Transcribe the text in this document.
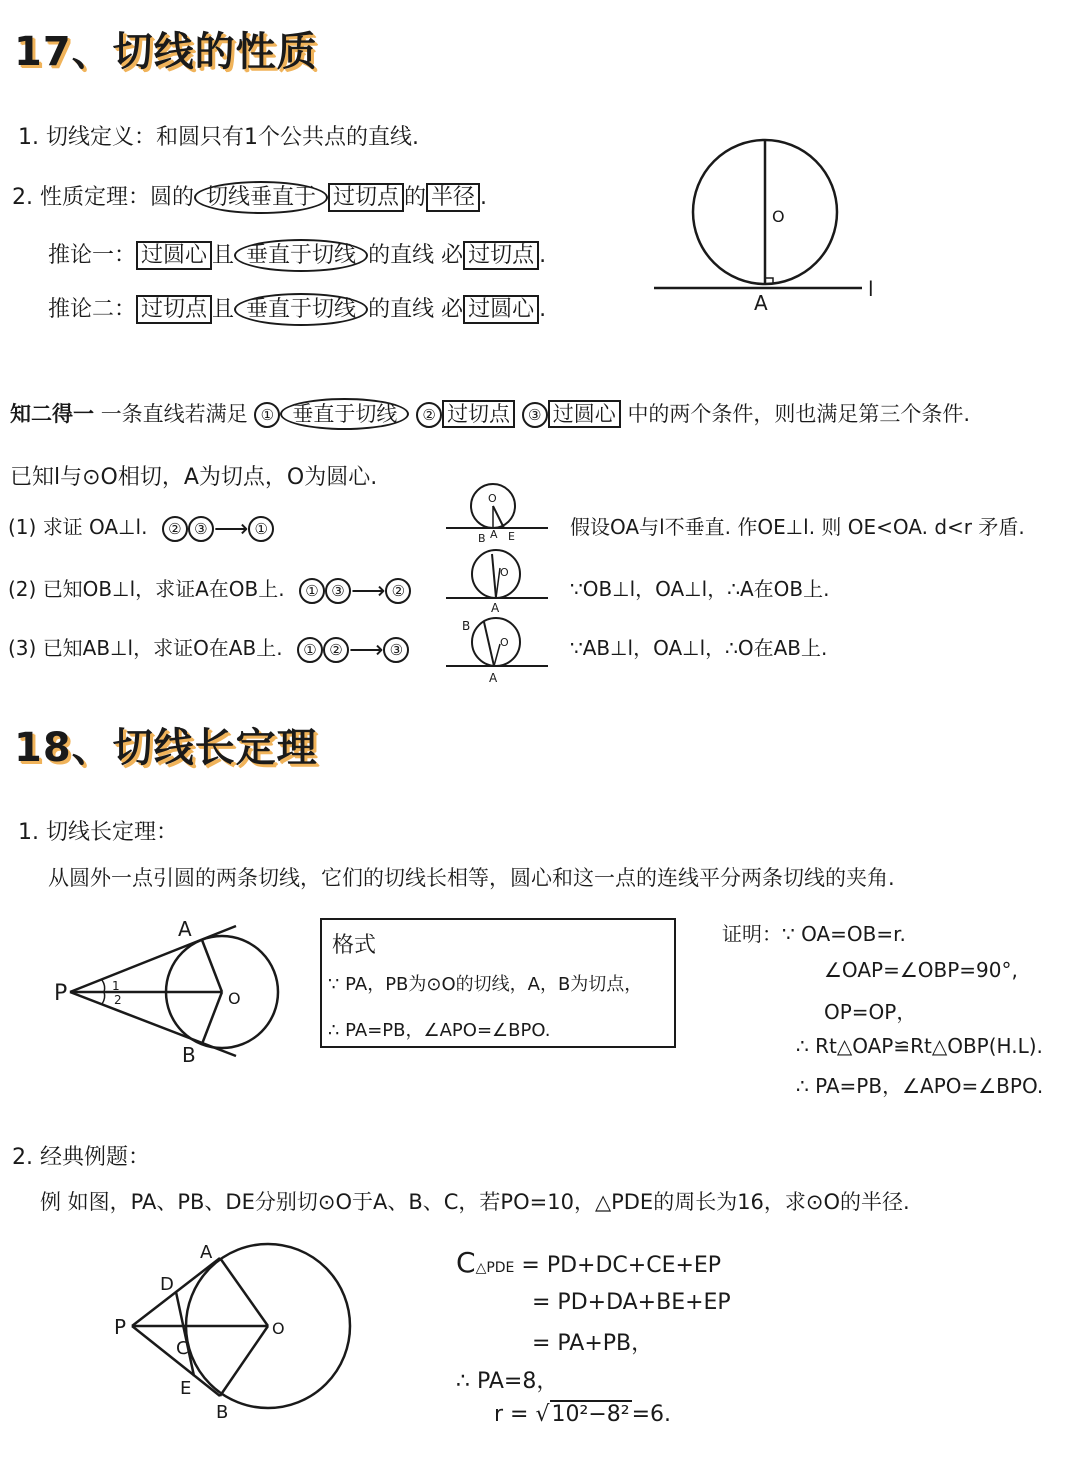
17、切线的性质
1. 切线定义：和圆只有1个公共点的直线.
2. 性质定理：圆的 切线垂直于 过切点 的 半径 .
推论一： 过圆心 且 垂直于切线 的直线 必 过切点 .
推论二： 过切点 且 垂直于切线 的直线 必 过圆心 .
O
A
l
知二得一 一条直线若满足 ① 垂直于切线 ② 过切点 ③ 过圆心 中的两个条件，则也满足第三个条件.
已知l与⊙O相切，A为切点，O为圆心.
(1) 求证 OA⊥l. ② ③ ⟶ ①
(2) 已知OB⊥l，求证A在OB上. ① ③ ⟶ ②
(3) 已知AB⊥l，求证O在AB上. ① ② ⟶ ③
O
B A E
O
A
B
O
A
假设OA与l不垂直. 作OE⊥l. 则 OE<OA. d<r 矛盾.
∵OB⊥l，OA⊥l，∴A在OB上.
∵AB⊥l，OA⊥l，∴O在AB上.
18、切线长定理
1. 切线长定理：
从圆外一点引圆的两条切线，它们的切线长相等，圆心和这一点的连线平分两条切线的夹角.
P
A
B
O
1
2
格式
∵ PA，PB为⊙O的切线，A，B为切点，
∴ PA=PB，∠APO=∠BPO.
证明：∵ OA=OB=r.
∠OAP=∠OBP=90°,
OP=OP，
∴ Rt△OAP≌Rt△OBP(H.L).
∴ PA=PB，∠APO=∠BPO.
2. 经典例题：
例 如图，PA、PB、DE分别切⊙O于A、B、C，若PO=10，△PDE的周长为16，求⊙O的半径.
A
B
C
D
E
P	O
C△PDE = PD+DC+CE+EP
= PD+DA+BE+EP
= PA+PB，
∴ PA=8，
r = √10²−8²=6.
